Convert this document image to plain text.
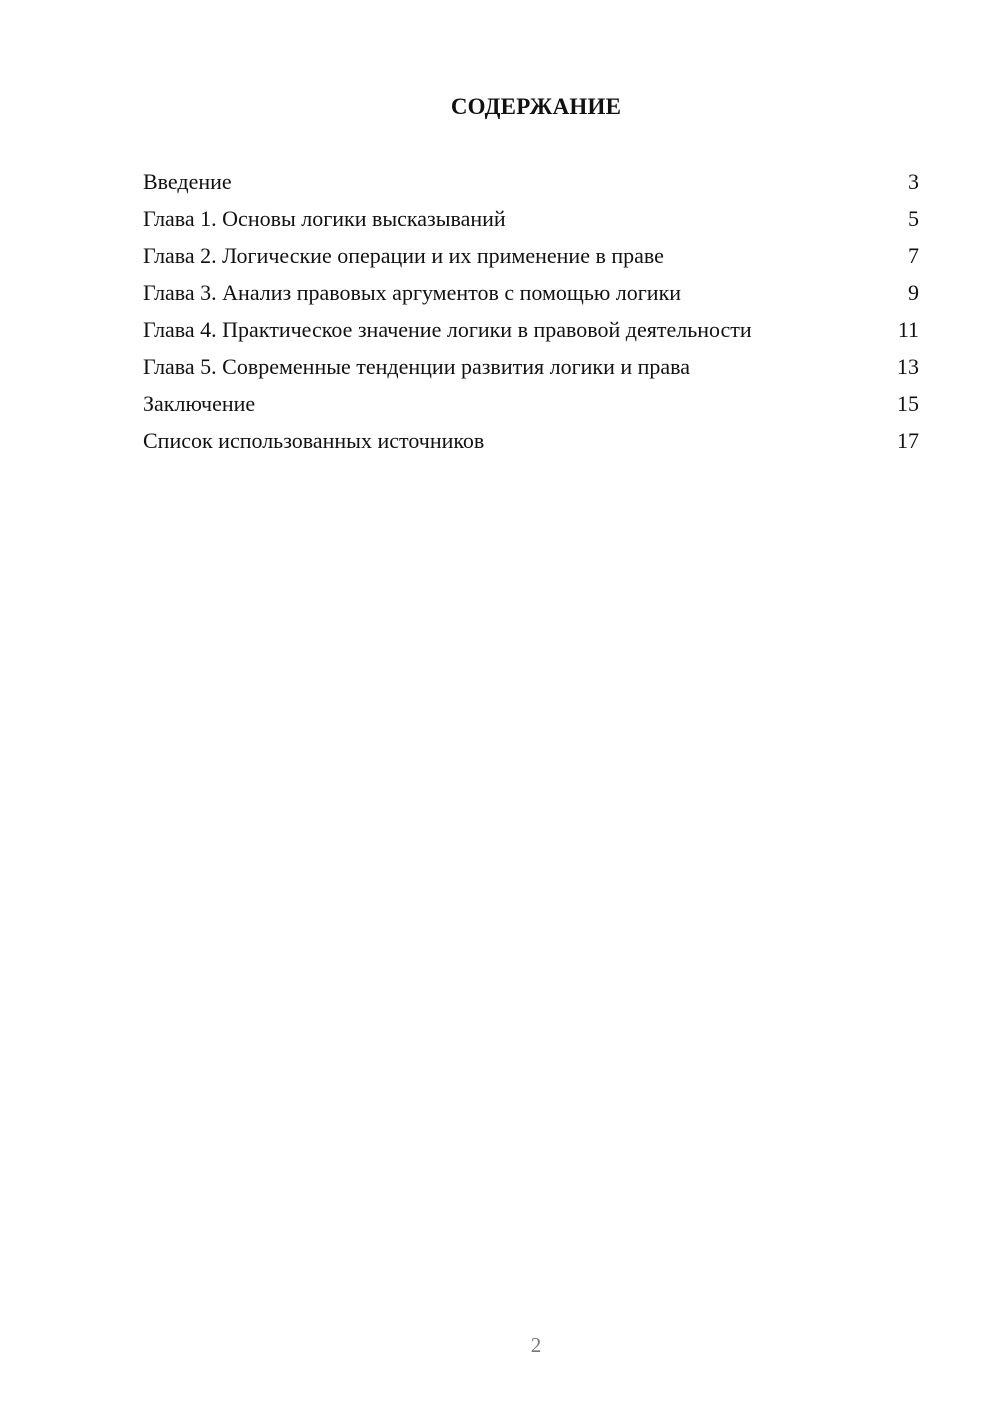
СОДЕРЖАНИЕ
Введение	3
Глава 1. Основы логики высказываний	5
Глава 2. Логические операции и их применение в праве	7
Глава 3. Анализ правовых аргументов с помощью логики	9
Глава 4. Практическое значение логики в правовой деятельности	11
Глава 5. Современные тенденции развития логики и права	13
Заключение	15
Список использованных источников	17
2
